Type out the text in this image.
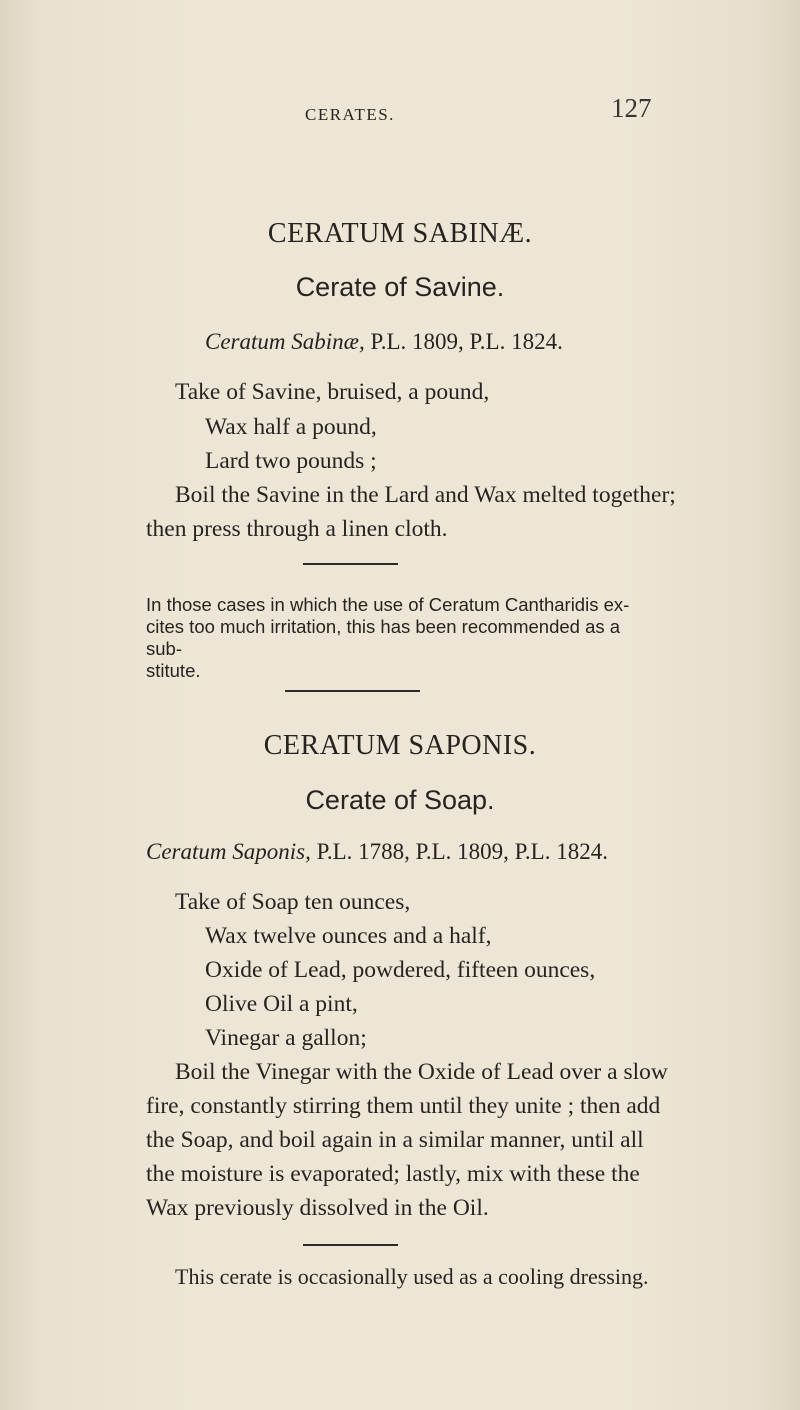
CERATES.	127
CERATUM SABINÆ.
Cerate of Savine.
Ceratum Sabinæ, P.L. 1809, P.L. 1824.
Take of Savine, bruised, a pound,
Wax half a pound,
Lard two pounds ;
Boil the Savine in the Lard and Wax melted together;
then press through a linen cloth.
In those cases in which the use of Ceratum Cantharidis ex-
cites too much irritation, this has been recommended as a sub-
stitute.
CERATUM SAPONIS.
Cerate of Soap.
Ceratum Saponis, P.L. 1788, P.L. 1809, P.L. 1824.
Take of Soap ten ounces,
Wax twelve ounces and a half,
Oxide of Lead, powdered, fifteen ounces,
Olive Oil a pint,
Vinegar a gallon;
Boil the Vinegar with the Oxide of Lead over a slow
fire, constantly stirring them until they unite ; then add
the Soap, and boil again in a similar manner, until all
the moisture is evaporated; lastly, mix with these the
Wax previously dissolved in the Oil.
This cerate is occasionally used as a cooling dressing.
